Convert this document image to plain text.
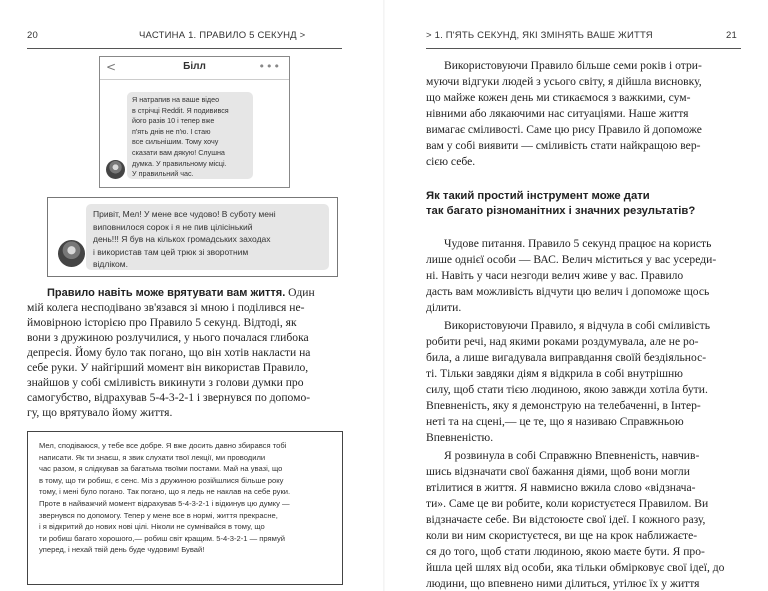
20	ЧАСТИНА 1. ПРАВИЛО 5 СЕКУНД >
<	Білл	•••
Я натрапив на ваше відео
в стрічці Reddit. Я подивився
його разів 10 і тепер вже
п'ять днів не п'ю. І стаю
все сильнішим. Тому хочу
сказати вам дякую! Слушна
думка. У правильному місці.
У правильний час.
Привіт, Мел! У мене все чудово! В суботу мені
виповнилося сорок і я не пив цілісінький
день!!! Я був на кількох громадських заходах
і використав там цей трюк зі зворотним
відліком.
Правило навіть може врятувати вам життя. Один
мій колега несподівано зв'язався зі мною і поділився не-
ймовірною історією про Правило 5 секунд. Відтоді, як
вони з дружиною розлучилися, у нього почалася глибока
депресія. Йому було так погано, що він хотів накласти на
себе руки. У найгірший момент він використав Правило,
знайшов у собі сміливість викинути з голови думки про
самогубство, відрахував 5-4-3-2-1 і звернувся по допомо-
гу, що врятувало йому життя.
Мел, сподіваюся, у тебе все добре. Я вже досить давно збирався тобі
написати. Як ти знаєш, я звик слухати твої лекції, ми проводили
час разом, я слідкував за багатьма твоїми постами. Май на увазі, що
в тому, що ти робиш, є сенс. Міз з дружиною розійшлися більше року
тому, і мені було погано. Так погано, що я ледь не наклав на себе руки.
Проте в найважчий момент відрахував 5-4-3-2-1 і відкинув цю думку —
звернувся по допомогу. Тепер у мене все в нормі, життя прекрасне,
і я відкритий до нових нові цілі. Ніколи не сумнівайся в тому, що
ти робиш багато хорошого,— робиш світ кращим. 5-4-3-2-1 — прямуй
уперед, і нехай твій день буде чудовим! Бувай!
> 1. П'ЯТЬ СЕКУНД, ЯКІ ЗМІНЯТЬ ВАШЕ ЖИТТЯ	21
Використовуючи Правило більше семи років і отри-
муючи відгуки людей з усього світу, я дійшла висновку,
що майже кожен день ми стикаємося з важкими, сум-
нівними або лякаючими нас ситуаціями. Наше життя
вимагає сміливості. Саме цю рису Правило й допоможе
вам у собі виявити — сміливість стати найкращою вер-
сією себе.
Як такий простий інструмент може дати
так багато різноманітних і значних результатів?
Чудове питання. Правило 5 секунд працює на користь
лише однієї особи — ВАС. Велич міститься у вас усереди-
ні. Навіть у часи незгоди велич живе у вас. Правило
дасть вам можливість відчути цю велич і допоможе щось
ділити.
Використовуючи Правило, я відчула в собі сміливість
робити речі, над якими роками роздумувала, але не ро-
била, а лише вигадувала виправдання своїй бездіяльнос-
ті. Тільки завдяки діям я відкрила в собі внутрішню
силу, щоб стати тією людиною, якою завжди хотіла бути.
Впевненість, яку я демонструю на телебаченні, в Інтер-
неті та на сцені,— це те, що я називаю Справжньою
Впевненістю.
Я розвинула в собі Справжню Впевненість, навчив-
шись відзначати свої бажання діями, щоб вони могли
втілитися в життя. Я навмисно вжила слово «відзнача-
ти». Саме це ви робите, коли користуєтеся Правилом. Ви
відзначаєте себе. Ви відстоюєте свої ідеї. І кожного разу,
коли ви ним скористуєтеся, ви ще на крок наближаєте-
ся до того, щоб стати людиною, якою маєте бути. Я про-
йшла цей шлях від особи, яка тільки обмірковує свої ідеї, до
людини, що впевнено ними ділиться, утілює їх у життя
